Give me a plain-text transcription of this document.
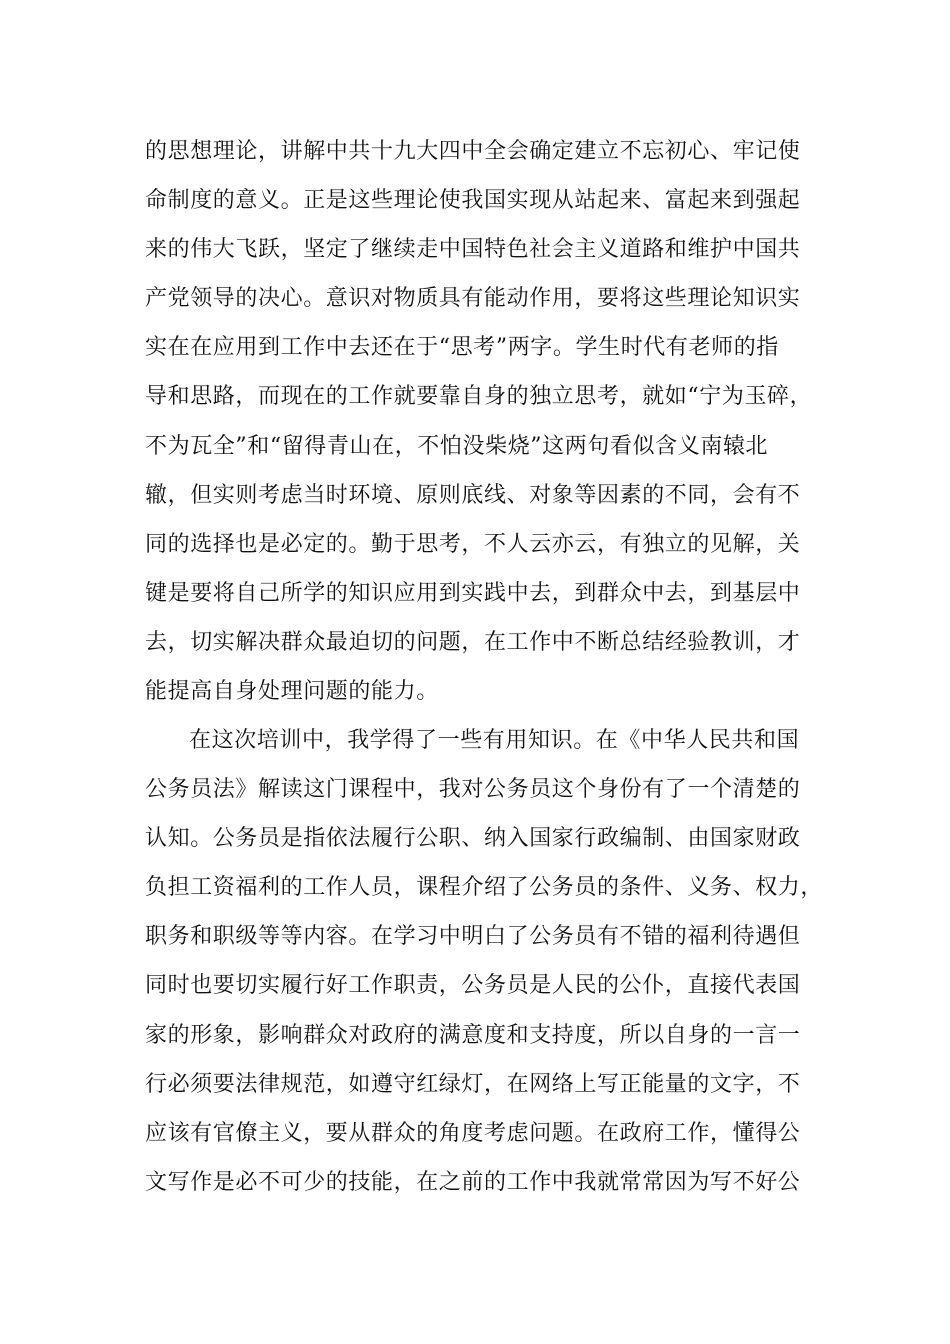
的思想理论，讲解中共十九大四中全会确定建立不忘初心、牢记使
命制度的意义。正是这些理论使我国实现从站起来、富起来到强起
来的伟大飞跃，坚定了继续走中国特色社会主义道路和维护中国共
产党领导的决心。意识对物质具有能动作用，要将这些理论知识实
实在在应用到工作中去还在于“思考”两字。学生时代有老师的指
导和思路，而现在的工作就要靠自身的独立思考，就如“宁为玉碎，
不为瓦全”和“留得青山在，不怕没柴烧”这两句看似含义南辕北
辙，但实则考虑当时环境、原则底线、对象等因素的不同，会有不
同的选择也是必定的。勤于思考，不人云亦云，有独立的见解，关
键是要将自己所学的知识应用到实践中去，到群众中去，到基层中
去，切实解决群众最迫切的问题，在工作中不断总结经验教训，才
能提高自身处理问题的能力。
在这次培训中，我学得了一些有用知识。在《中华人民共和国
公务员法》解读这门课程中，我对公务员这个身份有了一个清楚的
认知。公务员是指依法履行公职、纳入国家行政编制、由国家财政
负担工资福利的工作人员，课程介绍了公务员的条件、义务、权力，
职务和职级等等内容。在学习中明白了公务员有不错的福利待遇但
同时也要切实履行好工作职责，公务员是人民的公仆，直接代表国
家的形象，影响群众对政府的满意度和支持度，所以自身的一言一
行必须要法律规范，如遵守红绿灯，在网络上写正能量的文字，不
应该有官僚主义，要从群众的角度考虑问题。在政府工作，懂得公
文写作是必不可少的技能，在之前的工作中我就常常因为写不好公
